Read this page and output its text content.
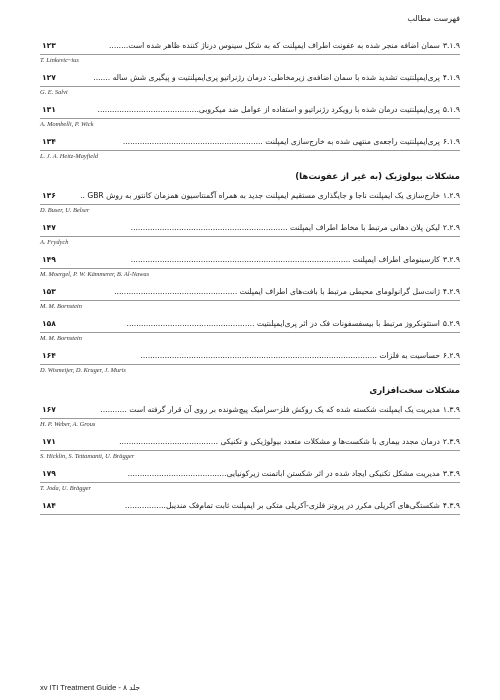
فهرست مطالب
۳.۱.۹
سمان اضافه منجر شده به عفونت اطراف ایمپلنت که به شکل سینوس درناژ کننده ظاهر شده است........
۱۲۳
T. Linkevic~ius
۴.۱.۹
پری‌ایمپلنتیت تشدید شده با سمان اضافه‌ی زیرمخاطی: درمان رژنراتیو پری‌ایمپلنتیت و پیگیری شش ساله .......
۱۲۷
G. E. Salvi
۵.۱.۹
پری‌ایمپلنتیت درمان شده با رویکرد رژنراتیو و استفاده از عوامل ضد میکروبی..........................................
۱۳۱
A. Mombelli, P. Wick
۶.۱.۹
پری‌ایمپلنتیت راجعه‌ی منتهی شده به خارج‌سازی ایمپلنت ..........................................................
۱۳۴
L. J. A. Heitz-Mayfield
مشکلات بیولوژیک (به غیر از عفونت‌ها)
۱.۲.۹
خارج‌سازی یک ایمپلنت ناجا و جایگذاری مستقیم ایمپلنت جدید به همراه آگمنتاسیون همزمان کانتور به روش GBR ..
۱۳۶
D. Buser, U. Belser
۲.۲.۹
لیکن پلان دهانی مرتبط با مخاط اطراف ایمپلنت .................................................................
۱۴۷
A. Frydych
۳.۲.۹
کارسینومای اطراف ایمپلنت ...........................................................................................
۱۴۹
M. Moergel, P. W. Kämmerer, B. Al-Nawas
۴.۲.۹
ژانت‌سل گرانولومای محیطی مرتبط با بافت‌های اطراف ایمپلنت ...................................................
۱۵۳
M. M. Bornstein
۵.۲.۹
استئونکروز مرتبط با بیسفسفونات فک در اثر پری‌ایمپلنتیت .....................................................
۱۵۸
M. M. Bornstein
۶.۲.۹
حساسیت به فلزات ..................................................................................................
۱۶۴
D. Wismeijer, D. Kruger, J. Muris
مشکلات سخت‌افزاری
۱.۳.۹
مدیریت یک ایمپلنت شکسته شده که یک روکش فلز-سرامیک پیچ‌شونده بر روی آن قرار گرفته است ...........
۱۶۷
H. P. Weber, A. Grous
۲.۳.۹
درمان مجدد بیماری با شکست‌ها و مشکلات متعدد بیولوژیکی و تکنیکی .........................................
۱۷۱
S. Hicklin, S. Tettamanti, U. Brägger
۳.۳.۹
مدیریت مشکل تکنیکی ایجاد شده در اثر شکستن اباتمنت زیرکونیایی.........................................
۱۷۹
T. Joda, U. Brägger
۴.۳.۹
شکستگی‌های آکریلی مکرر در پروتز فلزی-آکریلی متکی بر ایمپلنت ثابت تمام‌فک مندیبل.................
۱۸۴
xv ITI Treatment Guide - جلد ۸
